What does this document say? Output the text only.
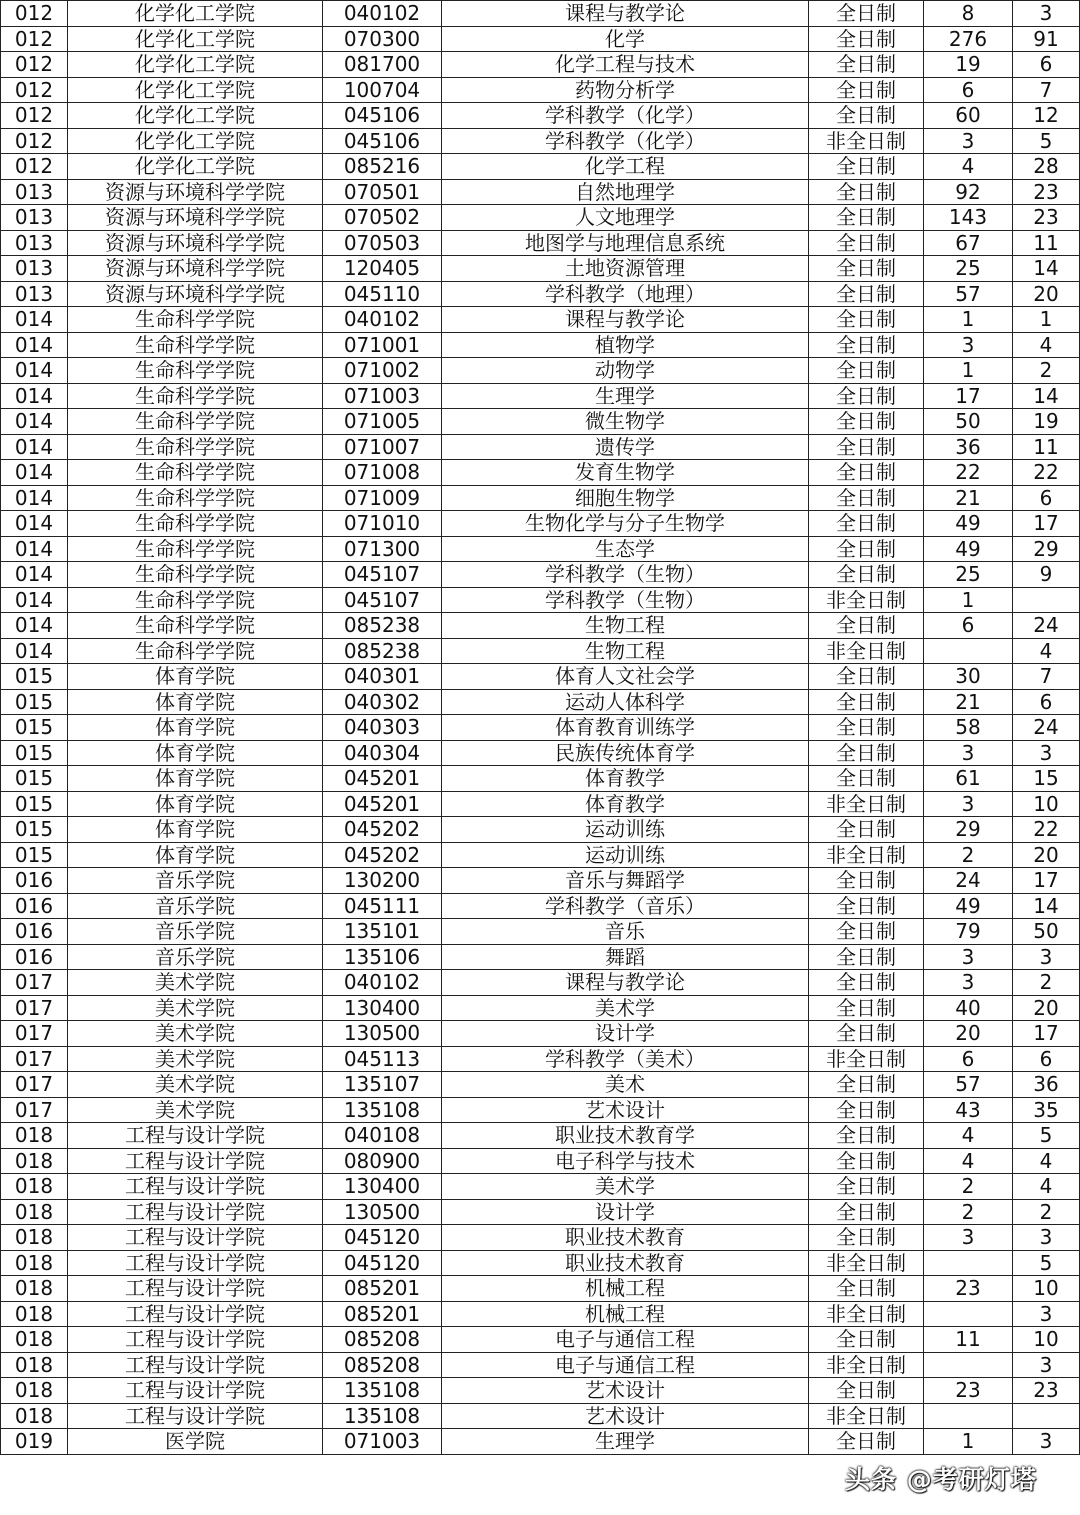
012	化学化工学院	040102	课程与教学论	全日制	8	3
012	化学化工学院	070300	化学	全日制	276	91
012	化学化工学院	081700	化学工程与技术	全日制	19	6
012	化学化工学院	100704	药物分析学	全日制	6	7
012	化学化工学院	045106	学科教学（化学）	全日制	60	12
012	化学化工学院	045106	学科教学（化学）	非全日制	3	5
012	化学化工学院	085216	化学工程	全日制	4	28
013	资源与环境科学学院	070501	自然地理学	全日制	92	23
013	资源与环境科学学院	070502	人文地理学	全日制	143	23
013	资源与环境科学学院	070503	地图学与地理信息系统	全日制	67	11
013	资源与环境科学学院	120405	土地资源管理	全日制	25	14
013	资源与环境科学学院	045110	学科教学（地理）	全日制	57	20
014	生命科学学院	040102	课程与教学论	全日制	1	1
014	生命科学学院	071001	植物学	全日制	3	4
014	生命科学学院	071002	动物学	全日制	1	2
014	生命科学学院	071003	生理学	全日制	17	14
014	生命科学学院	071005	微生物学	全日制	50	19
014	生命科学学院	071007	遗传学	全日制	36	11
014	生命科学学院	071008	发育生物学	全日制	22	22
014	生命科学学院	071009	细胞生物学	全日制	21	6
014	生命科学学院	071010	生物化学与分子生物学	全日制	49	17
014	生命科学学院	071300	生态学	全日制	49	29
014	生命科学学院	045107	学科教学（生物）	全日制	25	9
014	生命科学学院	045107	学科教学（生物）	非全日制	1	
014	生命科学学院	085238	生物工程	全日制	6	24
014	生命科学学院	085238	生物工程	非全日制		4
015	体育学院	040301	体育人文社会学	全日制	30	7
015	体育学院	040302	运动人体科学	全日制	21	6
015	体育学院	040303	体育教育训练学	全日制	58	24
015	体育学院	040304	民族传统体育学	全日制	3	3
015	体育学院	045201	体育教学	全日制	61	15
015	体育学院	045201	体育教学	非全日制	3	10
015	体育学院	045202	运动训练	全日制	29	22
015	体育学院	045202	运动训练	非全日制	2	20
016	音乐学院	130200	音乐与舞蹈学	全日制	24	17
016	音乐学院	045111	学科教学（音乐）	全日制	49	14
016	音乐学院	135101	音乐	全日制	79	50
016	音乐学院	135106	舞蹈	全日制	3	3
017	美术学院	040102	课程与教学论	全日制	3	2
017	美术学院	130400	美术学	全日制	40	20
017	美术学院	130500	设计学	全日制	20	17
017	美术学院	045113	学科教学（美术）	非全日制	6	6
017	美术学院	135107	美术	全日制	57	36
017	美术学院	135108	艺术设计	全日制	43	35
018	工程与设计学院	040108	职业技术教育学	全日制	4	5
018	工程与设计学院	080900	电子科学与技术	全日制	4	4
018	工程与设计学院	130400	美术学	全日制	2	4
018	工程与设计学院	130500	设计学	全日制	2	2
018	工程与设计学院	045120	职业技术教育	全日制	3	3
018	工程与设计学院	045120	职业技术教育	非全日制		5
018	工程与设计学院	085201	机械工程	全日制	23	10
018	工程与设计学院	085201	机械工程	非全日制		3
018	工程与设计学院	085208	电子与通信工程	全日制	11	10
018	工程与设计学院	085208	电子与通信工程	非全日制		3
018	工程与设计学院	135108	艺术设计	全日制	23	23
018	工程与设计学院	135108	艺术设计	非全日制		
019	医学院	071003	生理学	全日制	1	3
头条 @考研灯塔
